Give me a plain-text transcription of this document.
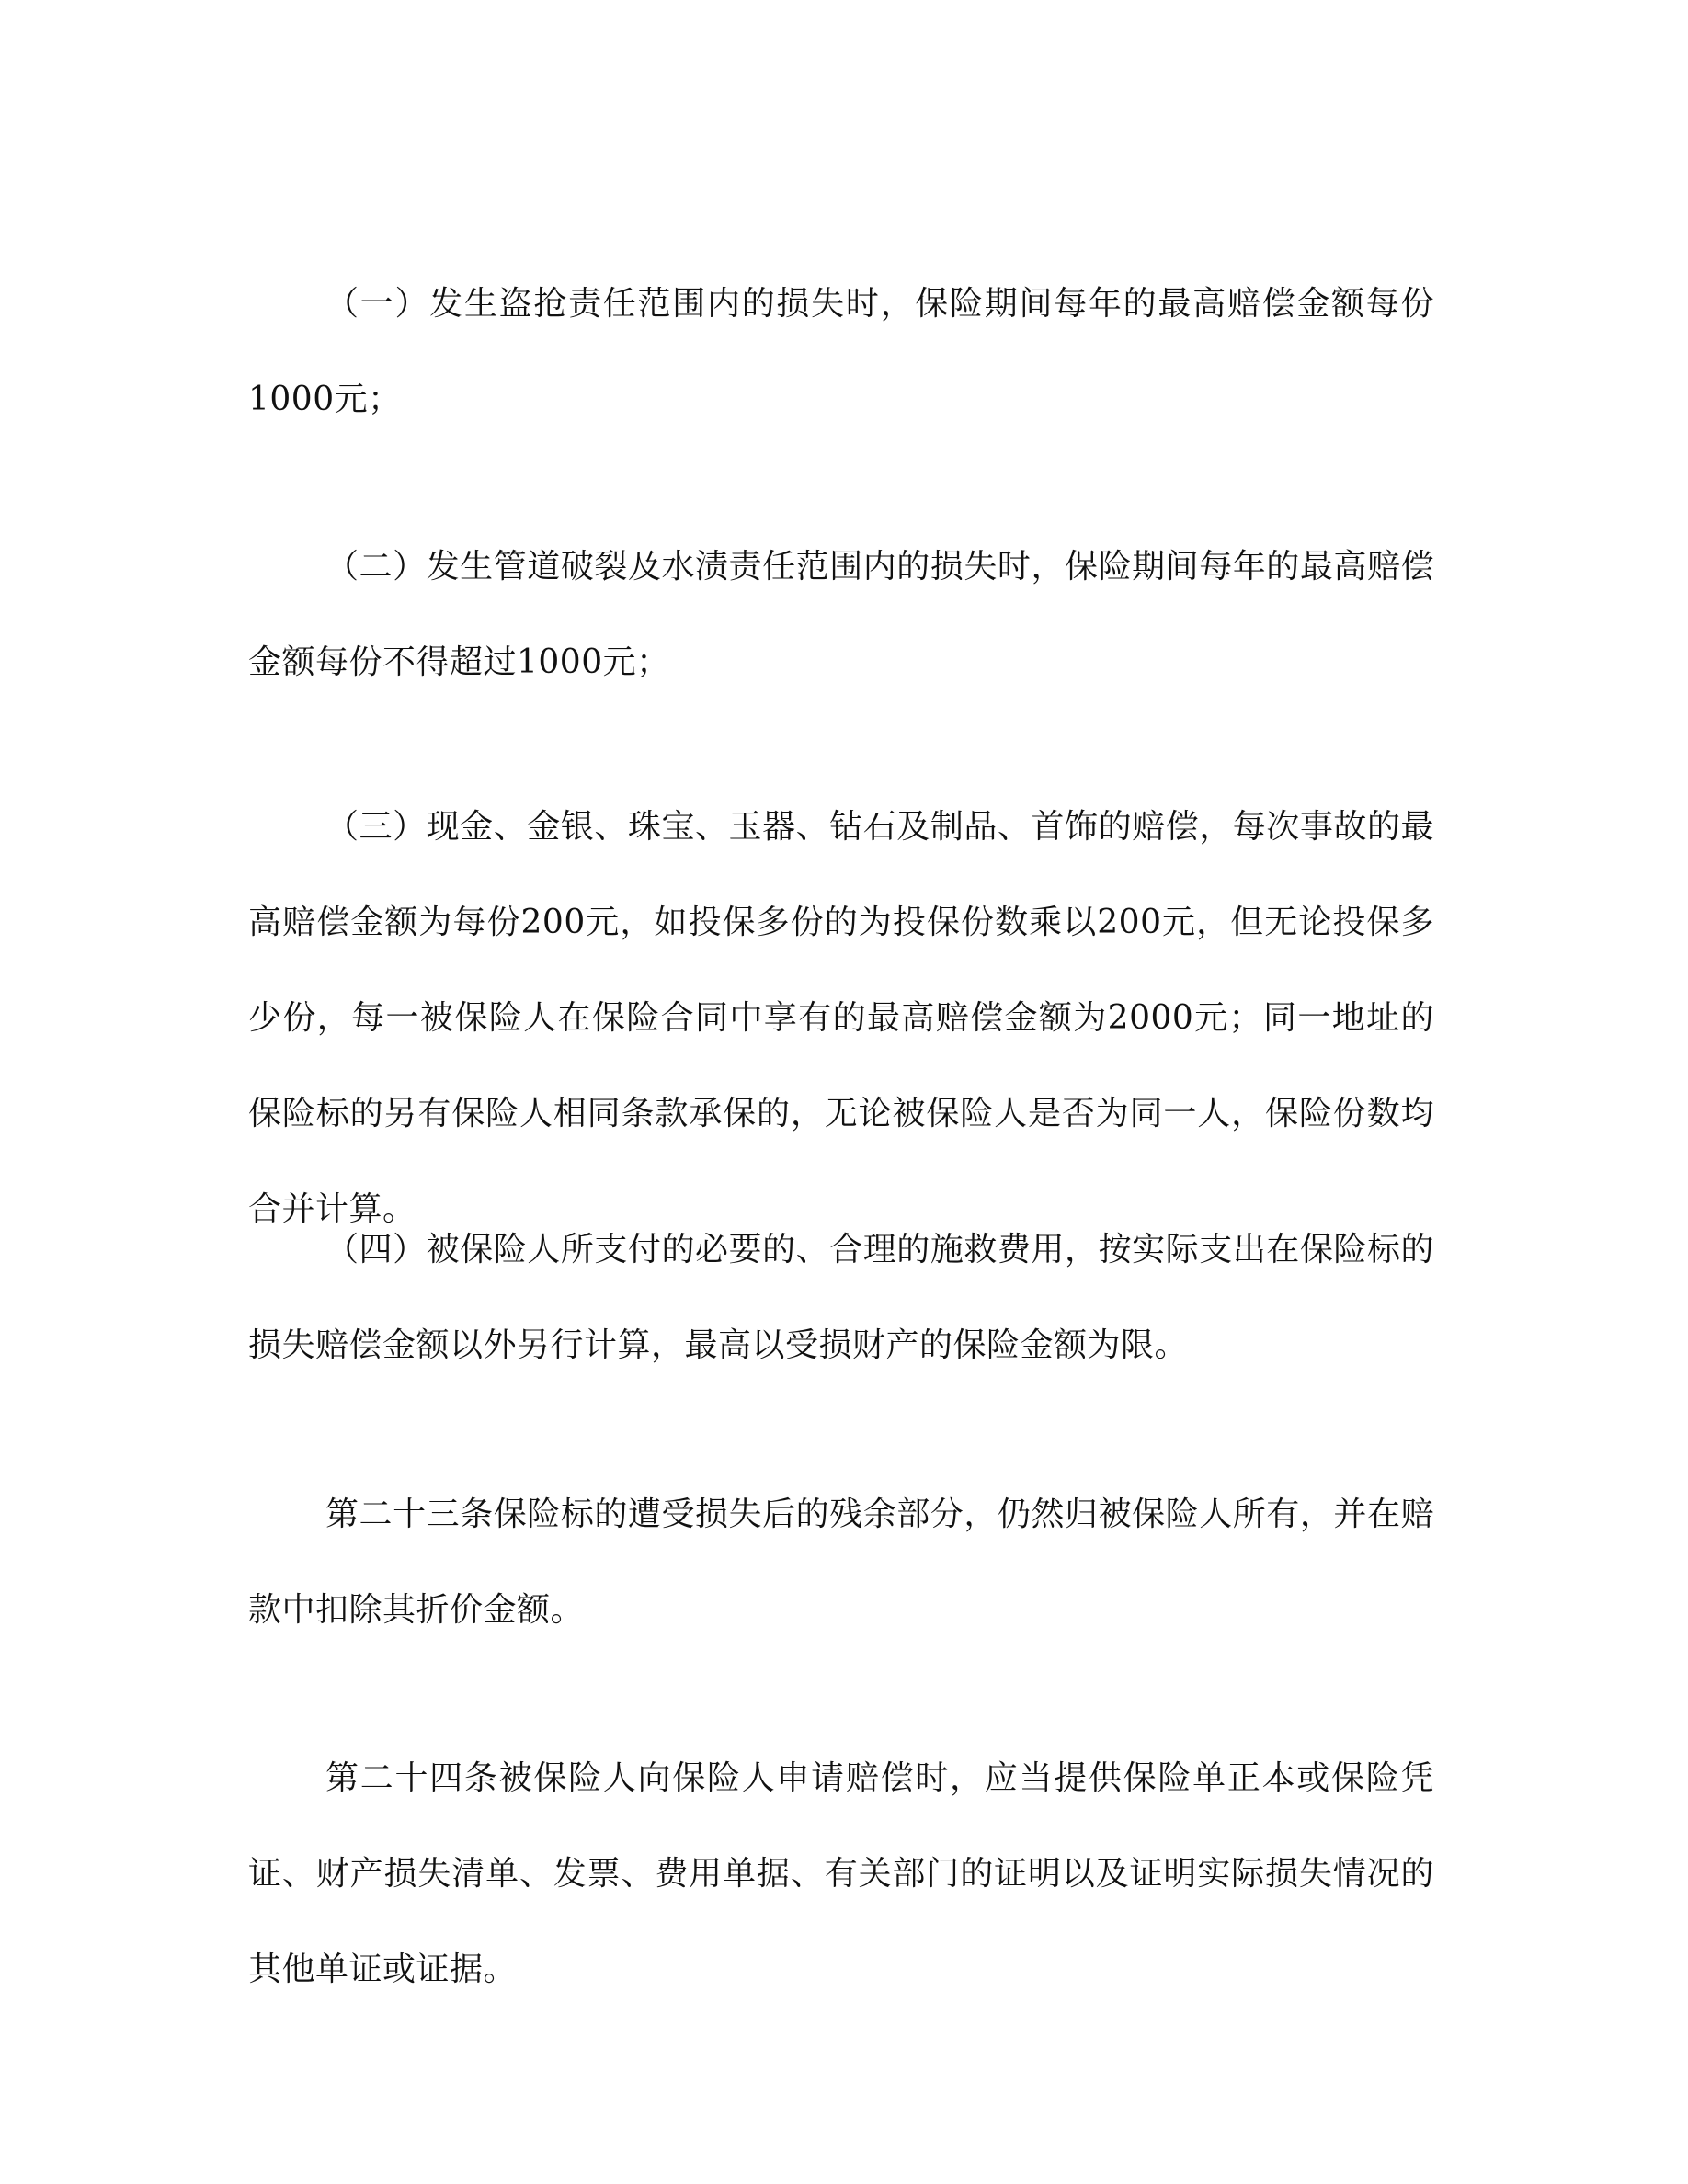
（一）发生盗抢责任范围内的损失时，保险期间每年的最高赔偿金额每份1000元；

（二）发生管道破裂及水渍责任范围内的损失时，保险期间每年的最高赔偿金额每份不得超过1000元；

（三）现金、金银、珠宝、玉器、钻石及制品、首饰的赔偿，每次事故的最高赔偿金额为每份200元，如投保多份的为投保份数乘以200元，但无论投保多少份，每一被保险人在保险合同中享有的最高赔偿金额为2000元；同一地址的保险标的另有保险人相同条款承保的，无论被保险人是否为同一人，保险份数均合并计算。

（四）被保险人所支付的必要的、合理的施救费用，按实际支出在保险标的损失赔偿金额以外另行计算，最高以受损财产的保险金额为限。

第二十三条保险标的遭受损失后的残余部分，仍然归被保险人所有，并在赔款中扣除其折价金额。

第二十四条被保险人向保险人申请赔偿时，应当提供保险单正本或保险凭证、财产损失清单、发票、费用单据、有关部门的证明以及证明实际损失情况的其他单证或证据。
